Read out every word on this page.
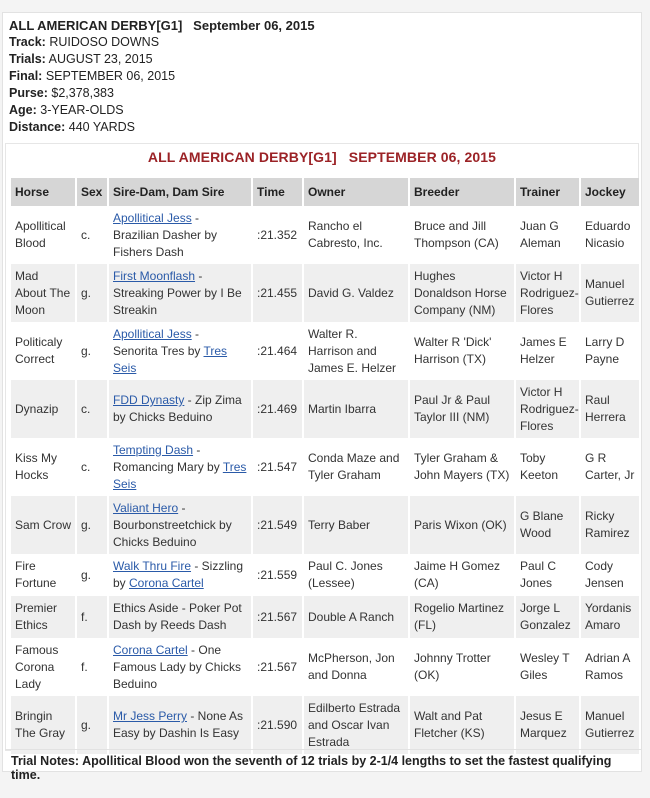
ALL AMERICAN DERBY[G1]   September 06, 2015
Track: RUIDOSO DOWNS
Trials: AUGUST 23, 2015
Final: SEPTEMBER 06, 2015
Purse: $2,378,383
Age: 3-YEAR-OLDS
Distance: 440 YARDS
ALL AMERICAN DERBY[G1]   SEPTEMBER 06, 2015
Horse	Sex	Sire-Dam, Dam Sire	Time	Owner	Breeder	Trainer	Jockey
Apollitical Blood	c.	Apollitical Jess - Brazilian Dasher by Fishers Dash	:21.352	Rancho el Cabresto, Inc.	Bruce and Jill Thompson (CA)	Juan G Aleman	Eduardo Nicasio
Mad About The Moon	g.	First Moonflash - Streaking Power by I Be Streakin	:21.455	David G. Valdez	Hughes Donaldson Horse Company (NM)	Victor H Rodriguez-Flores	Manuel Gutierrez
Politicaly Correct	g.	Apollitical Jess - Senorita Tres by Tres Seis	:21.464	Walter R. Harrison and James E. Helzer	Walter R 'Dick' Harrison (TX)	James E Helzer	Larry D Payne
Dynazip	c.	FDD Dynasty - Zip Zima by Chicks Beduino	:21.469	Martin Ibarra	Paul Jr & Paul Taylor III (NM)	Victor H Rodriguez-Flores	Raul Herrera
Kiss My Hocks	c.	Tempting Dash - Romancing Mary by Tres Seis	:21.547	Conda Maze and Tyler Graham	Tyler Graham & John Mayers (TX)	Toby Keeton	G R Carter, Jr
Sam Crow	g.	Valiant Hero - Bourbonstreetchick by Chicks Beduino	:21.549	Terry Baber	Paris Wixon (OK)	G Blane Wood	Ricky Ramirez
Fire Fortune	g.	Walk Thru Fire - Sizzling by Corona Cartel	:21.559	Paul C. Jones (Lessee)	Jaime H Gomez (CA)	Paul C Jones	Cody Jensen
Premier Ethics	f.	Ethics Aside - Poker Pot Dash by Reeds Dash	:21.567	Double A Ranch	Rogelio Martinez (FL)	Jorge L Gonzalez	Yordanis Amaro
Famous Corona Lady	f.	Corona Cartel - One Famous Lady by Chicks Beduino	:21.567	McPherson, Jon and Donna	Johnny Trotter (OK)	Wesley T Giles	Adrian A Ramos
Bringin The Gray	g.	Mr Jess Perry - None As Easy by Dashin Is Easy	:21.590	Edilberto Estrada and Oscar Ivan Estrada	Walt and Pat Fletcher (KS)	Jesus E Marquez	Manuel Gutierrez
Trial Notes: Apollitical Blood won the seventh of 12 trials by 2-1/4 lengths to set the fastest qualifying time.
